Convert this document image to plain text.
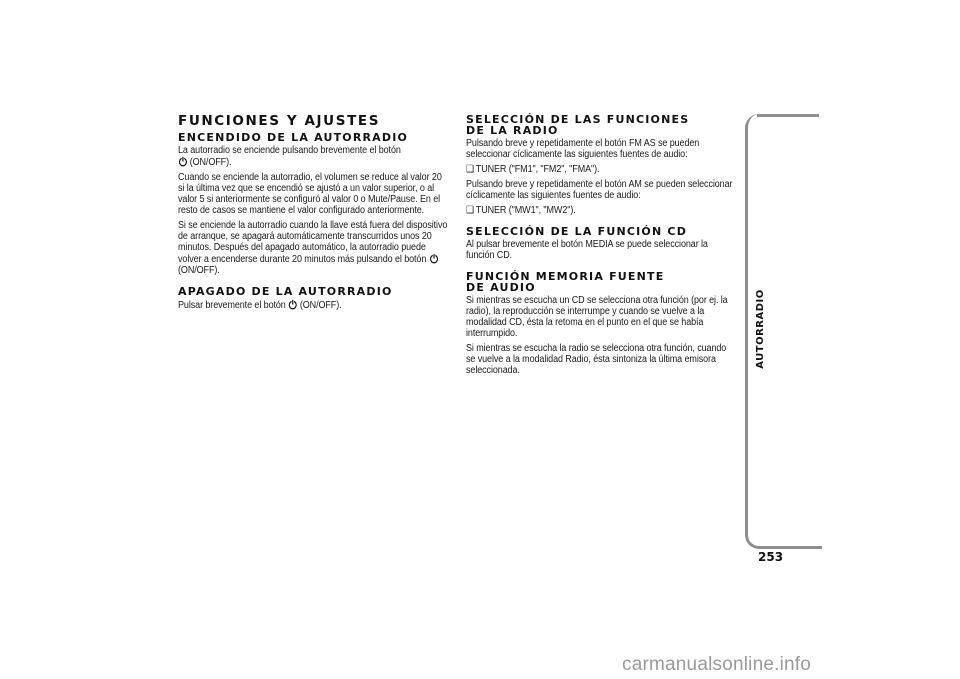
FUNCIONES Y AJUSTES
ENCENDIDO DE LA AUTORRADIO

La autorradio se enciende pulsando brevemente el botón
(ON/OFF).

Cuando se enciende la autorradio, el volumen se reduce al valor 20 si la última vez que se encendió se ajustó a un valor superior, o al valor 5 si anteriormente se configuró al valor 0 o Mute/Pause. En el resto de casos se mantiene el valor configurado anteriormente.

Si se enciende la autorradio cuando la llave está fuera del dispositivo de arranque, se apagará automáticamente transcurridos unos 20 minutos. Después del apagado automático, la autorradio puede volver a encenderse durante 20 minutos más pulsando el botón (ON/OFF).

APAGADO DE LA AUTORRADIO

Pulsar brevemente el botón (ON/OFF).

SELECCIÓN DE LAS FUNCIONES
DE LA RADIO

Pulsando breve y repetidamente el botón FM AS se pueden seleccionar cíclicamente las siguientes fuentes de audio:

❏ TUNER ("FM1", "FM2", "FMA").

Pulsando breve y repetidamente el botón AM se pueden seleccionar cíclicamente las siguientes fuentes de audio:

❏ TUNER ("MW1", "MW2").

SELECCIÓN DE LA FUNCIÓN CD

Al pulsar brevemente el botón MEDIA se puede seleccionar la función CD.

FUNCIÓN MEMORIA FUENTE
DE AUDIO

Si mientras se escucha un CD se selecciona otra función (por ej. la radio), la reproducción se interrumpe y cuando se vuelve a la modalidad CD, ésta la retoma en el punto en el que se había interrumpido.

Si mientras se escucha la radio se selecciona otra función, cuando se vuelve a la modalidad Radio, ésta sintoniza la última emisora seleccionada.

AUTORRADIO
253
carmanualsonline.info
